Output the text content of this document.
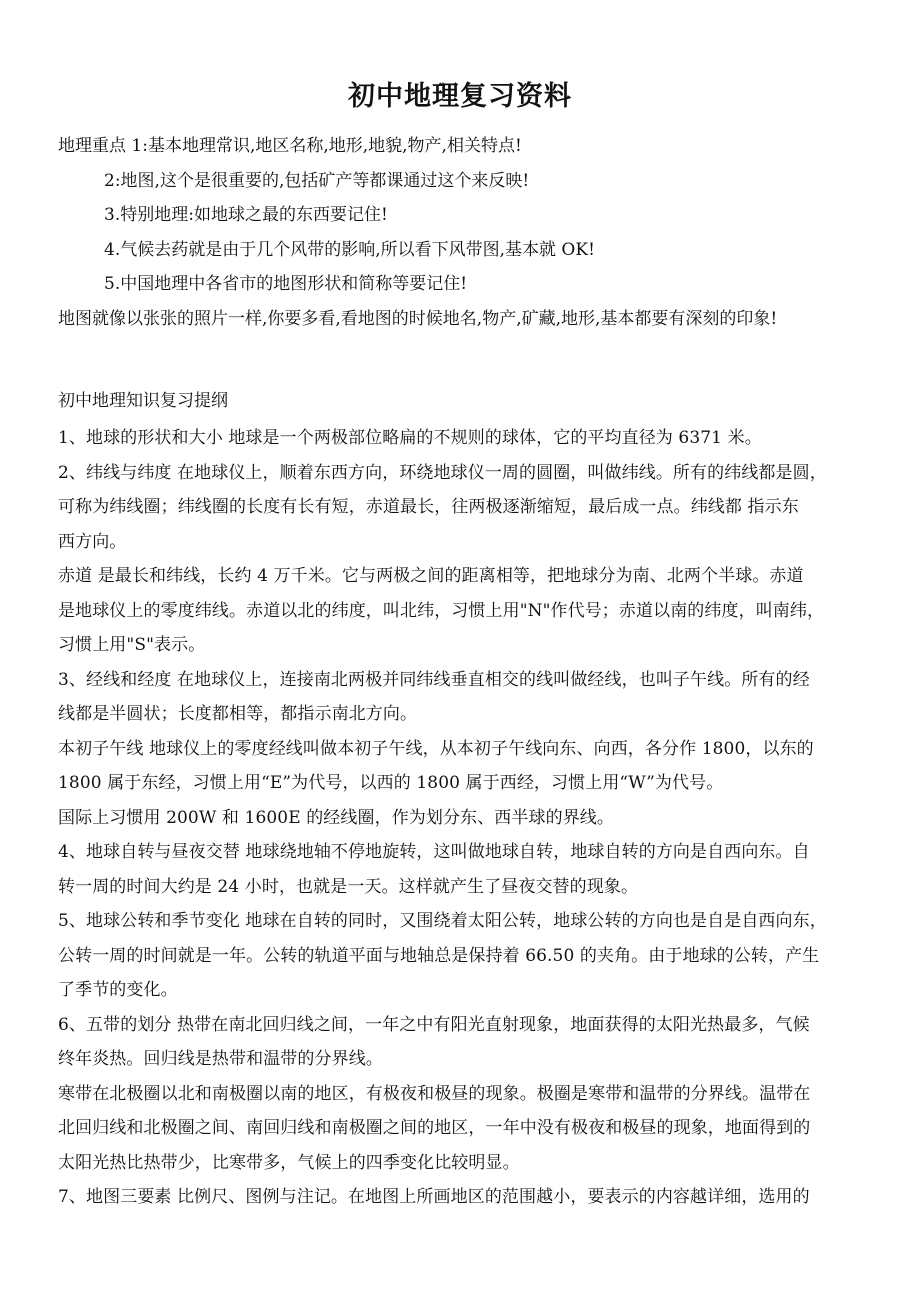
初中地理复习资料
地理重点 1:基本地理常识,地区名称,地形,地貌,物产,相关特点!
2:地图,这个是很重要的,包括矿产等都课通过这个来反映!
3.特别地理:如地球之最的东西要记住!
4.气候去药就是由于几个风带的影响,所以看下风带图,基本就 OK!
5.中国地理中各省市的地图形状和简称等要记住!
地图就像以张张的照片一样,你要多看,看地图的时候地名,物产,矿藏,地形,基本都要有深刻的印象!
初中地理知识复习提纲
1、地球的形状和大小 地球是一个两极部位略扁的不规则的球体，它的平均直径为 6371 米。
2、纬线与纬度 在地球仪上，顺着东西方向，环绕地球仪一周的圆圈，叫做纬线。所有的纬线都是圆，
可称为纬线圈；纬线圈的长度有长有短，赤道最长，往两极逐渐缩短，最后成一点。纬线都 指示东
西方向。
赤道 是最长和纬线，长约 4 万千米。它与两极之间的距离相等，把地球分为南、北两个半球。赤道
是地球仪上的零度纬线。赤道以北的纬度，叫北纬，习惯上用"N"作代号；赤道以南的纬度，叫南纬，
习惯上用"S"表示。
3、经线和经度 在地球仪上，连接南北两极并同纬线垂直相交的线叫做经线，也叫子午线。所有的经
线都是半圆状；长度都相等，都指示南北方向。
本初子午线 地球仪上的零度经线叫做本初子午线，从本初子午线向东、向西，各分作 1800，以东的
1800 属于东经，习惯上用“E”为代号，以西的 1800 属于西经，习惯上用“W”为代号。
国际上习惯用 200W 和 1600E 的经线圈，作为划分东、西半球的界线。
4、地球自转与昼夜交替 地球绕地轴不停地旋转，这叫做地球自转，地球自转的方向是自西向东。自
转一周的时间大约是 24 小时，也就是一天。这样就产生了昼夜交替的现象。
5、地球公转和季节变化 地球在自转的同时，又围绕着太阳公转，地球公转的方向也是自是自西向东，
公转一周的时间就是一年。公转的轨道平面与地轴总是保持着 66.50 的夹角。由于地球的公转，产生
了季节的变化。
6、五带的划分 热带在南北回归线之间，一年之中有阳光直射现象，地面获得的太阳光热最多，气候
终年炎热。回归线是热带和温带的分界线。
寒带在北极圈以北和南极圈以南的地区，有极夜和极昼的现象。极圈是寒带和温带的分界线。温带在
北回归线和北极圈之间、南回归线和南极圈之间的地区，一年中没有极夜和极昼的现象，地面得到的
太阳光热比热带少，比寒带多，气候上的四季变化比较明显。
7、地图三要素 比例尺、图例与注记。在地图上所画地区的范围越小，要表示的内容越详细，选用的
